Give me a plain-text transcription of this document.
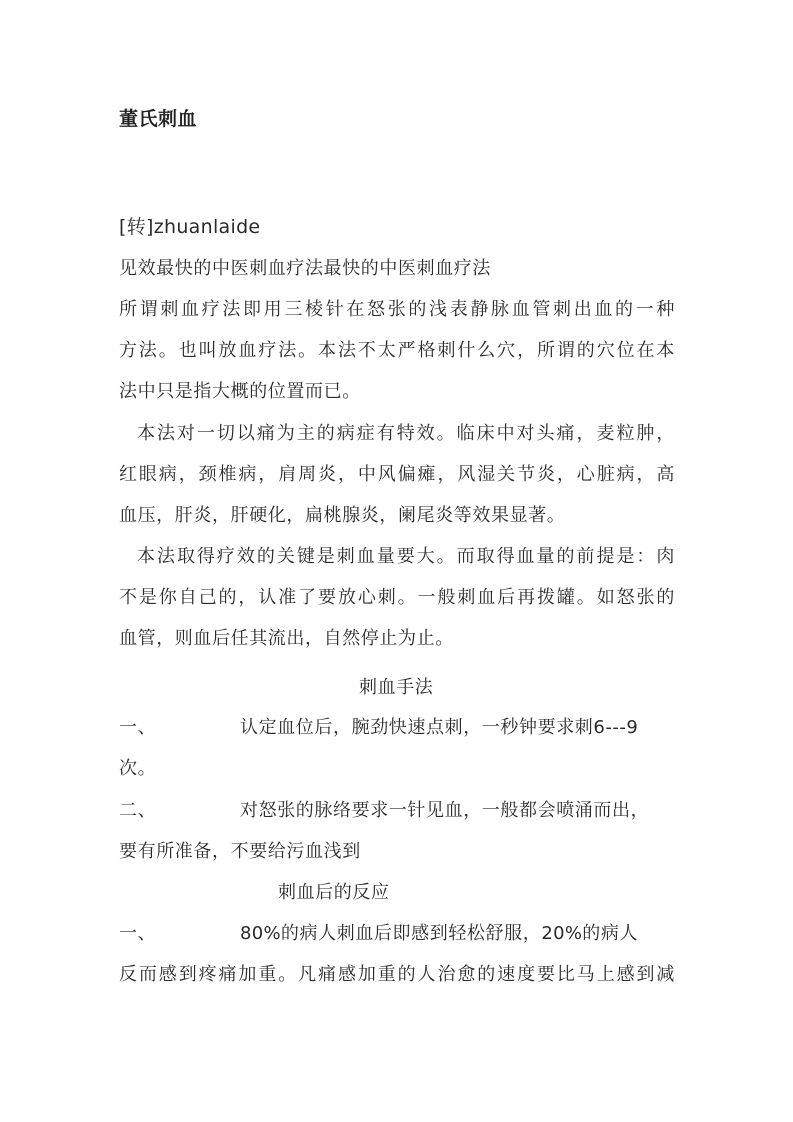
董氏刺血
[转]zhuanlaide
见效最快的中医刺血疗法最快的中医刺血疗法
所谓刺血疗法即用三棱针在怒张的浅表静脉血管刺出血的一种
方法。也叫放血疗法。本法不太严格刺什么穴，所谓的穴位在本
法中只是指大概的位置而已。
本法对一切以痛为主的病症有特效。临床中对头痛，麦粒肿，
红眼病，颈椎病，肩周炎，中风偏瘫，风湿关节炎，心脏病，高
血压，肝炎，肝硬化，扁桃腺炎，阑尾炎等效果显著。
本法取得疗效的关键是刺血量要大。而取得血量的前提是：肉
不是你自己的，认准了要放心刺。一般刺血后再拨罐。如怒张的
血管，则血后任其流出，自然停止为止。
刺血手法
一、	认定血位后，腕劲快速点刺，一秒钟要求刺6---9
次。
二、	对怒张的脉络要求一针见血，一般都会喷涌而出，
要有所准备，不要给污血浅到
刺血后的反应
一、	80%的病人刺血后即感到轻松舒服，20%的病人
反而感到疼痛加重。凡痛感加重的人治愈的速度要比马上感到减
